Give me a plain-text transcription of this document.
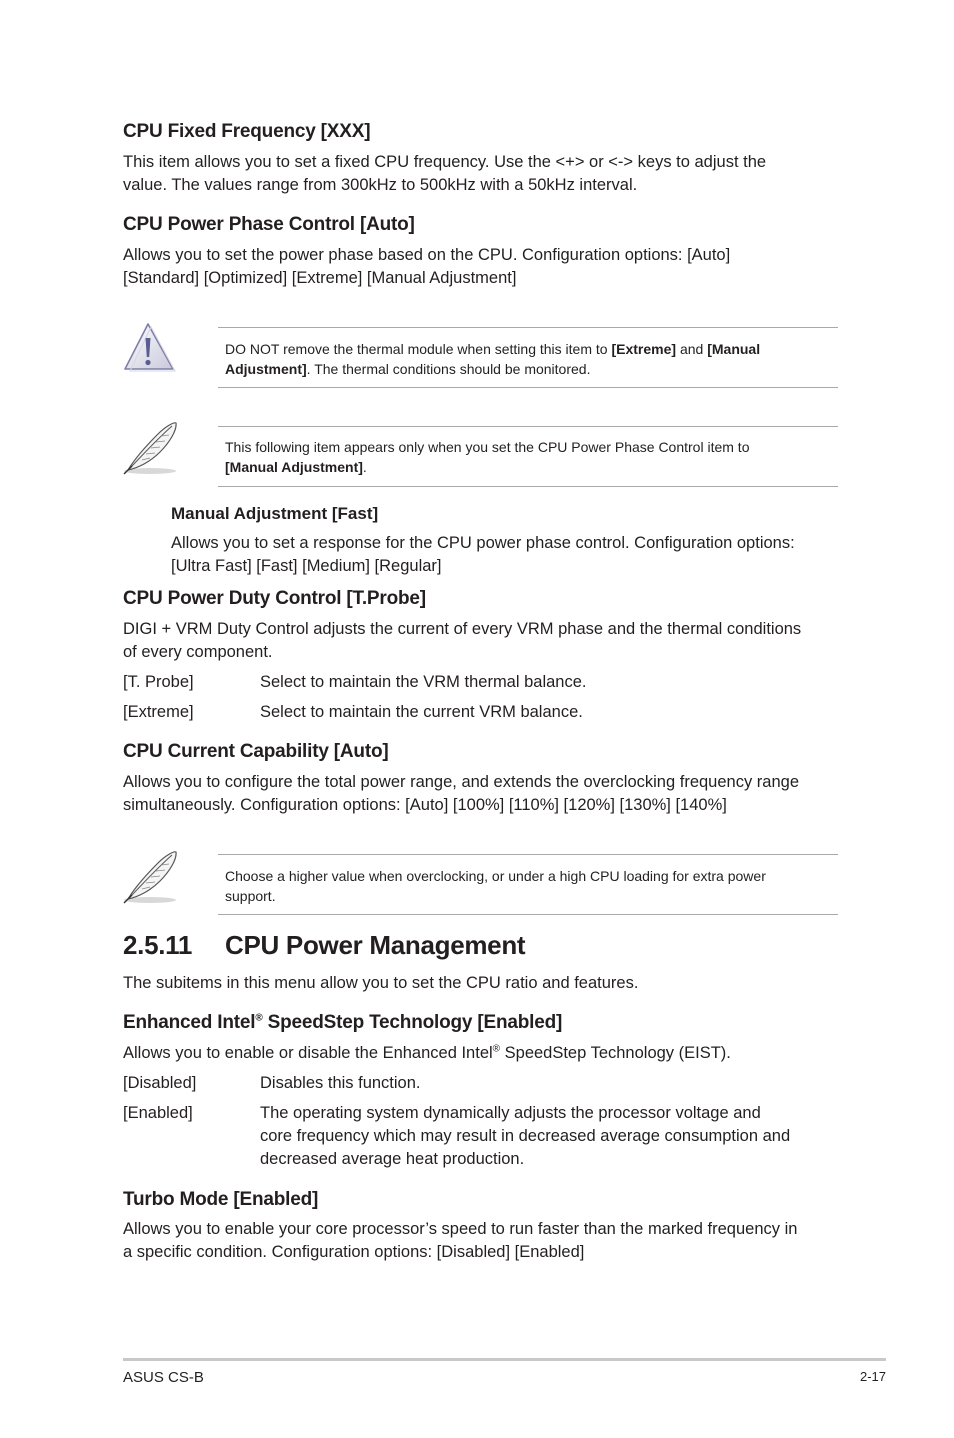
CPU Fixed Frequency [XXX]
This item allows you to set a fixed CPU frequency. Use the <+> or <-> keys to adjust the
value. The values range from 300kHz to 500kHz with a 50kHz interval.
CPU Power Phase Control [Auto]
Allows you to set the power phase based on the CPU. Configuration options: [Auto]
[Standard] [Optimized] [Extreme] [Manual Adjustment]
DO NOT remove the thermal module when setting this item to [Extreme] and [Manual
Adjustment]. The thermal conditions should be monitored.
This following item appears only when you set the CPU Power Phase Control item to
[Manual Adjustment].
Manual Adjustment [Fast]
Allows you to set a response for the CPU power phase control. Configuration options:
[Ultra Fast] [Fast] [Medium] [Regular]
CPU Power Duty Control [T.Probe]
DIGI + VRM Duty Control adjusts the current of every VRM phase and the thermal conditions
of every component.
[T. Probe]	Select to maintain the VRM thermal balance.
[Extreme]	Select to maintain the current VRM balance.
CPU Current Capability [Auto]
Allows you to configure the total power range, and extends the overclocking frequency range
simultaneously. Configuration options: [Auto] [100%] [110%] [120%] [130%] [140%]
Choose a higher value when overclocking, or under a high CPU loading for extra power
support.
2.5.11 CPU Power Management
The subitems in this menu allow you to set the CPU ratio and features.
Enhanced Intel® SpeedStep Technology [Enabled]
Allows you to enable or disable the Enhanced Intel® SpeedStep Technology (EIST).
[Disabled]	Disables this function.
[Enabled]	The operating system dynamically adjusts the processor voltage and
core frequency which may result in decreased average consumption and
decreased average heat production.
Turbo Mode [Enabled]
Allows you to enable your core processor’s speed to run faster than the marked frequency in
a specific condition. Configuration options: [Disabled] [Enabled]
ASUS CS-B	2-17
